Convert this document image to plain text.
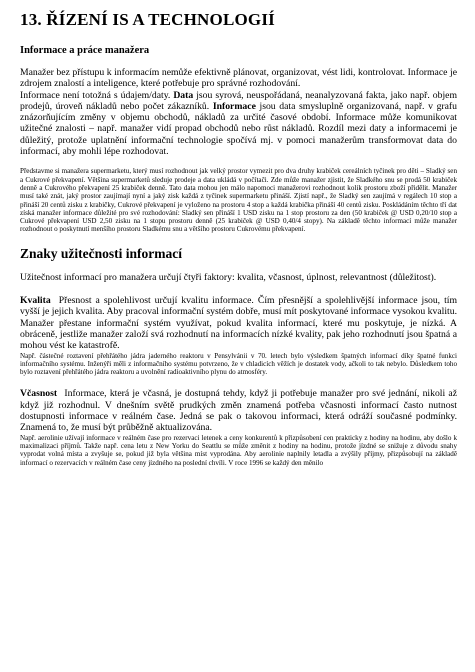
13. ŘÍZENÍ IS A TECHNOLOGIÍ
Informace a práce manažera

Manažer bez přístupu k informacím nemůže efektivně plánovat, organizovat, vést lidi, kontrolovat. Informace je zdrojem znalostí a inteligence, které potřebuje pro správné rozhodování.

Informace není totožná s údajem/daty. Data jsou syrová, neuspořádaná, neanalyzovaná fakta, jako např. objem prodejů, úroveň nákladů nebo počet zákazníků. Informace jsou data smysluplně organizovaná, např. v grafu znázorňujícím změny v objemu obchodů, nákladů za určité časové období. Informace může komunikovat užitečné znalosti – např. manažer vidí propad obchodů nebo růst nákladů. Rozdíl mezi daty a informacemi je důležitý, protože uplatnění informační technologie spočívá mj. v pomoci manažerům transformovat data do informací, aby mohli lépe rozhodovat.

Představme si manažera supermarketu, který musí rozhodnout jak velký prostor vymezit pro dva druhy krabiček cereálních tyčinek pro děti – Sladký sen a Cukrové překvapení. Většina supermarketů sleduje prodeje a data ukládá v počítači. Zde může manažer zjistit, že Sladkého snu se prodá 50 krabiček denně a Cukrového překvapení 25 krabiček denně. Tato data mohou jen málo napomoci manažerovi rozhodnout kolik prostoru zboží přidělit. Manažer musí také znát, jaký prostor zaujímají nyní a jaký zisk každá z tyčinek supermarketu přináší. Zjistí např., že Sladký sen zaujímá v regálech 10 stop a přináší 20 centů zisku z krabičky, Cukrové překvapení je vyloženo na prostoru 4 stop a každá krabička přináší 40 centů zisku. Poskládáním těchto tří dat získá manažer informace důležité pro své rozhodování: Sladký sen přináší 1 USD zisku na 1 stop prostoru za den (50 krabiček @ USD 0,20/10 stop a Cukrové překvapení USD 2,50 zisku na 1 stopu prostoru denně (25 krabiček @ USD 0,40/4 stopy). Na základě těchto informací může manažer rozhodnout o poskytnutí menšího prostoru Sladkému snu a většího prostoru Cukrovému překvapení.

Znaky užitečnosti informací

Užitečnost informací pro manažera určují čtyři faktory: kvalita, včasnost, úplnost, relevantnost (důležitost).

Kvalita Přesnost a spolehlivost určují kvalitu informace. Čím přesnější a spolehlivější informace jsou, tím vyšší je jejich kvalita. Aby pracoval informační systém dobře, musí mít poskytované informace vysokou kvalitu. Manažer přestane informační systém využívat, pokud kvalita informací, které mu poskytuje, je nízká. A obráceně, jestliže manažer založí svá rozhodnutí na informacích nízké kvality, pak jeho rozhodnutí jsou špatná a mohou vést ke katastrofě.

Např. částečné roztavení přehřátého jádra jaderného reaktoru v Pensylvánii v 70. letech bylo výsledkem špatných informací díky špatné funkci informačního systému. Inženýři měli z informačního systému potvrzeno, že v chladicích věžích je dostatek vody, ačkoli to tak nebylo. Důsledkem toho bylo roztavení přehřátého jádra reaktoru a uvolnění radioaktivního plynu do atmosféry.

Včasnost Informace, která je včasná, je dostupná tehdy, když ji potřebuje manažer pro své jednání, nikoli až když již rozhodnul. V dnešním světě prudkých změn znamená potřeba včasnosti informací často nutnost dostupnosti informace v reálném čase. Jedná se pak o takovou informaci, která odráží současné podmínky. Znamená to, že musí být průběžně aktualizována.

Např. aerolinie užívají informace v reálném čase pro rezervaci letenek a ceny konkurentů k přizpůsobení cen prakticky z hodiny na hodinu, aby došlo k maximalizaci příjmů. Takže např. cena letu z New Yorku do Seattlu se může změnit z hodiny na hodinu, protože jízdné se snižuje z důvodu snahy vyprodat volná místa a zvyšuje se, pokud již byla většina míst vyprodána. Aby aerolinie naplnily letadla a zvýšily příjmy, přizpůsobují na základě informací o rezervacích v reálném čase ceny jízdného na poslední chvíli. V roce 1996 se každý den měnilo
